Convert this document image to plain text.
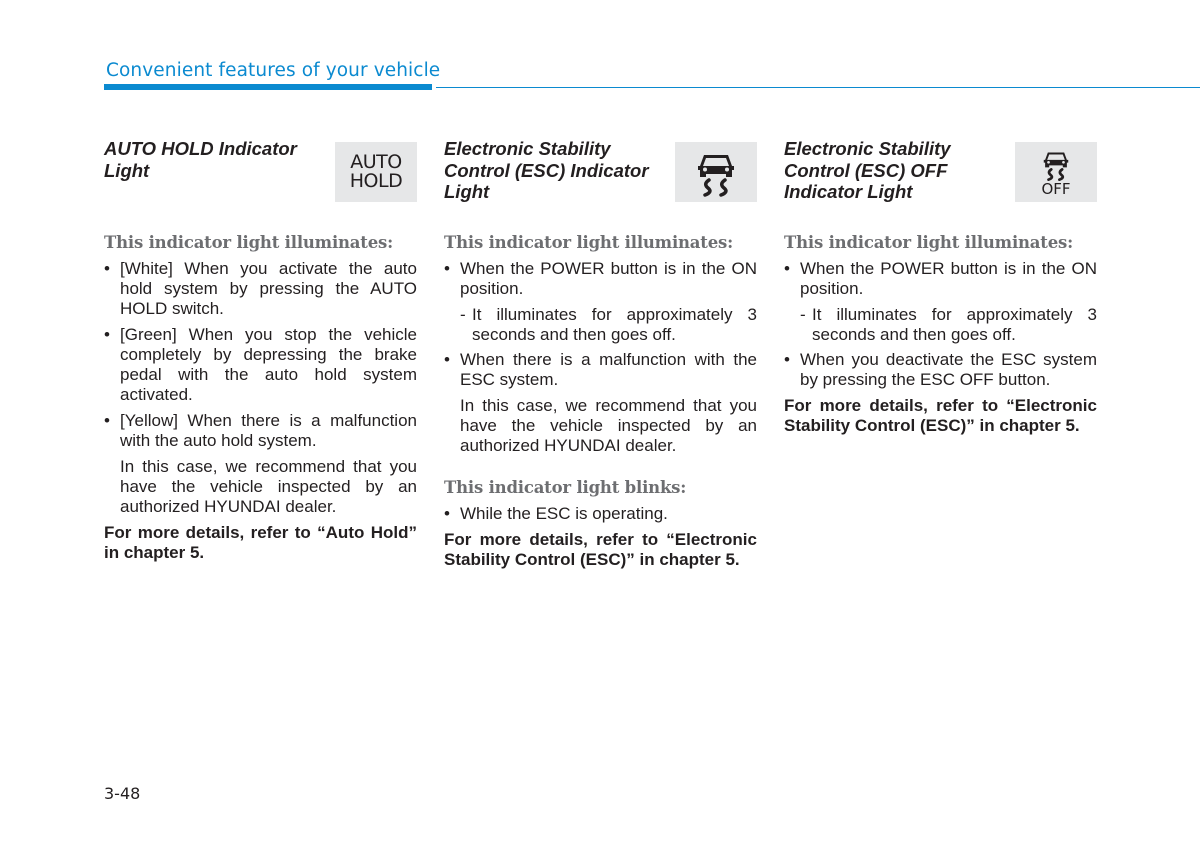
Convenient features of your vehicle
AUTO HOLD Indicator Light	AUTO
HOLD
This indicator light illuminates:
• [White] When you activate the auto hold system by pressing the AUTO HOLD switch.
• [Green] When you stop the vehicle completely by depressing the brake pedal with the auto hold system activated.
• [Yellow] When there is a malfunction with the auto hold system.
In this case, we recommend that you have the vehicle inspected by an authorized HYUNDAI dealer.
For more details, refer to “Auto Hold” in chapter 5.
Electronic Stability Control (ESC) Indicator Light
This indicator light illuminates:
• When the POWER button is in the ON position.
- It illuminates for approximately 3 seconds and then goes off.
• When there is a malfunction with the ESC system.
In this case, we recommend that you have the vehicle inspected by an authorized HYUNDAI dealer.
This indicator light blinks:
• While the ESC is operating.
For more details, refer to “Electronic Stability Control (ESC)” in chapter 5.
Electronic Stability Control (ESC) OFF Indicator Light	OFF
This indicator light illuminates:
• When the POWER button is in the ON position.
- It illuminates for approximately 3 seconds and then goes off.
• When you deactivate the ESC system by pressing the ESC OFF button.
For more details, refer to “Electronic Stability Control (ESC)” in chapter 5.
3-48
